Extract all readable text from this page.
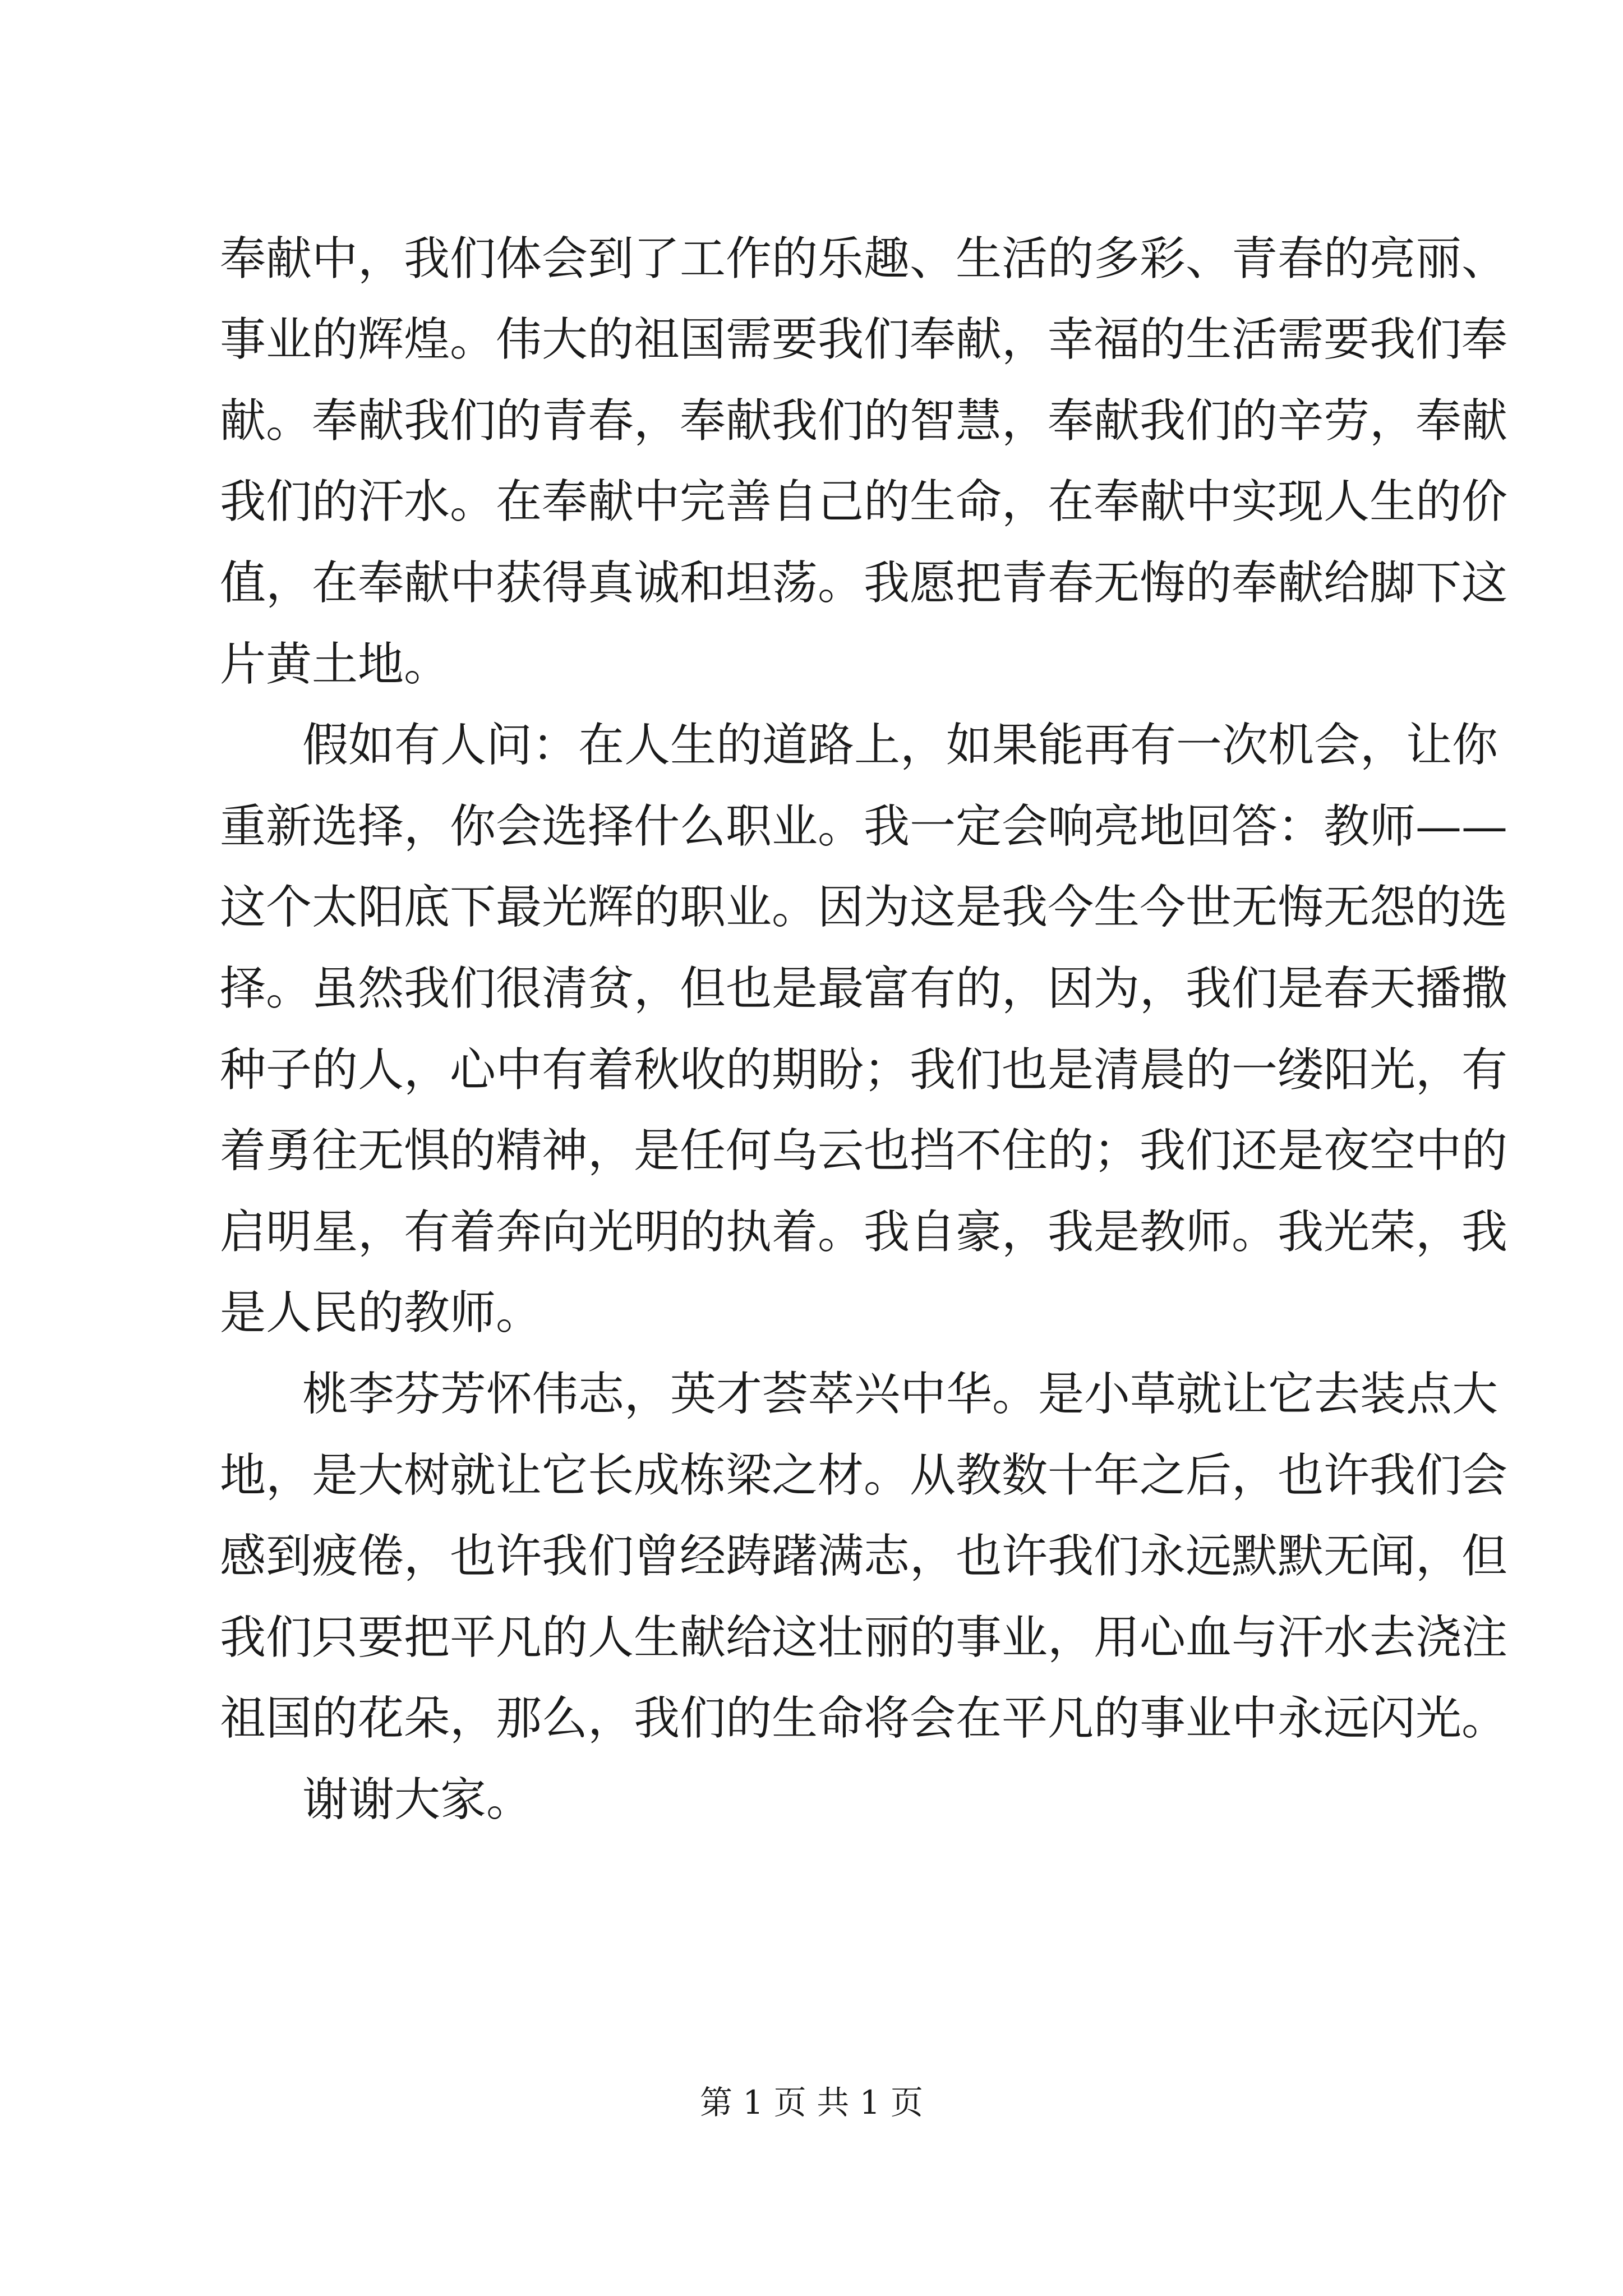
奉献中，我们体会到了工作的乐趣、生活的多彩、青春的亮丽、
事业的辉煌。伟大的祖国需要我们奉献，幸福的生活需要我们奉
献。奉献我们的青春，奉献我们的智慧，奉献我们的辛劳，奉献
我们的汗水。在奉献中完善自己的生命，在奉献中实现人生的价
值，在奉献中获得真诚和坦荡。我愿把青春无悔的奉献给脚下这
片黄土地。
假如有人问：在人生的道路上，如果能再有一次机会，让你
重新选择，你会选择什么职业。我一定会响亮地回答：教师——
这个太阳底下最光辉的职业。因为这是我今生今世无悔无怨的选
择。虽然我们很清贫，但也是最富有的，因为，我们是春天播撒
种子的人，心中有着秋收的期盼；我们也是清晨的一缕阳光，有
着勇往无惧的精神，是任何乌云也挡不住的；我们还是夜空中的
启明星，有着奔向光明的执着。我自豪，我是教师。我光荣，我
是人民的教师。
桃李芬芳怀伟志，英才荟萃兴中华。是小草就让它去装点大
地，是大树就让它长成栋梁之材。从教数十年之后，也许我们会
感到疲倦，也许我们曾经踌躇满志，也许我们永远默默无闻，但
我们只要把平凡的人生献给这壮丽的事业，用心血与汗水去浇注
祖国的花朵，那么，我们的生命将会在平凡的事业中永远闪光。
谢谢大家。
第 1 页 共 1 页
